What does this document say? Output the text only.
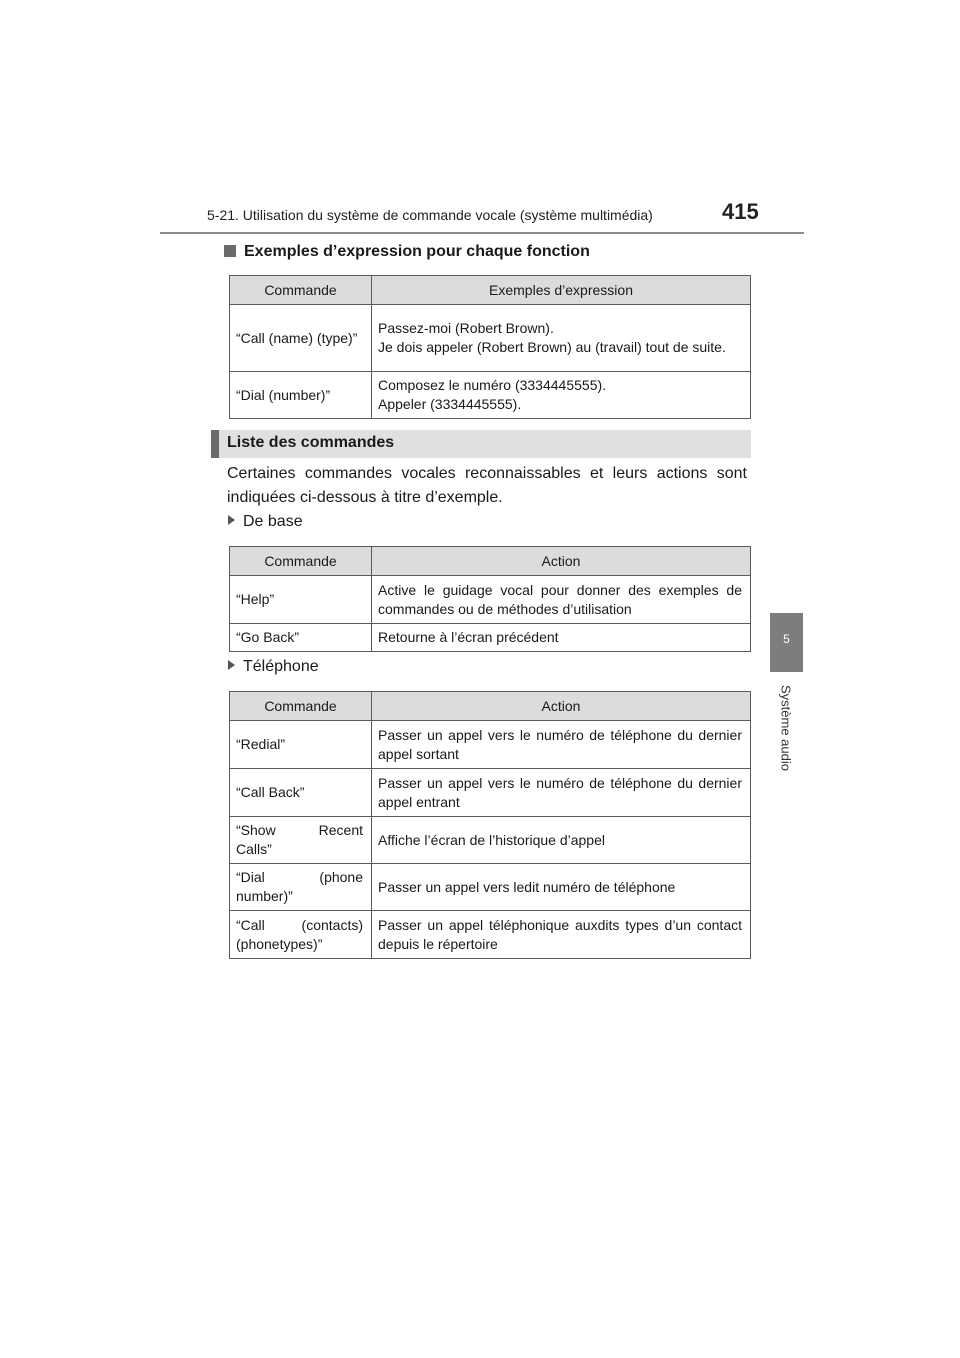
5-21. Utilisation du système de commande vocale (système multimédia)	415
5
Système audio
Exemples d’expression pour chaque fonction
Commande	Exemples d’expression
“Call (name) (type)”	Passez-moi (Robert Brown).
Je dois appeler (Robert Brown) au (travail) tout de suite.

“Dial (number)”	Composez le numéro (3334445555).
Appeler (3334445555).
Liste des commandes
Certaines commandes vocales reconnaissables et leurs actions sont indiquées ci-dessous à titre d’exemple.
De base
Commande	Action
“Help”	Active le guidage vocal pour donner des exemples de commandes ou de méthodes d’utilisation
“Go Back”	Retourne à l’écran précédent
Téléphone
Commande	Action
“Redial”	Passer un appel vers le numéro de téléphone du dernier appel sortant
“Call Back”	Passer un appel vers le numéro de téléphone du dernier appel entrant
“Show Recent Calls”	Affiche l’écran de l’historique d’appel
“Dial (phone number)”	Passer un appel vers ledit numéro de téléphone
“Call (contacts) (phonetypes)”	Passer un appel téléphonique auxdits types d’un contact depuis le répertoire
